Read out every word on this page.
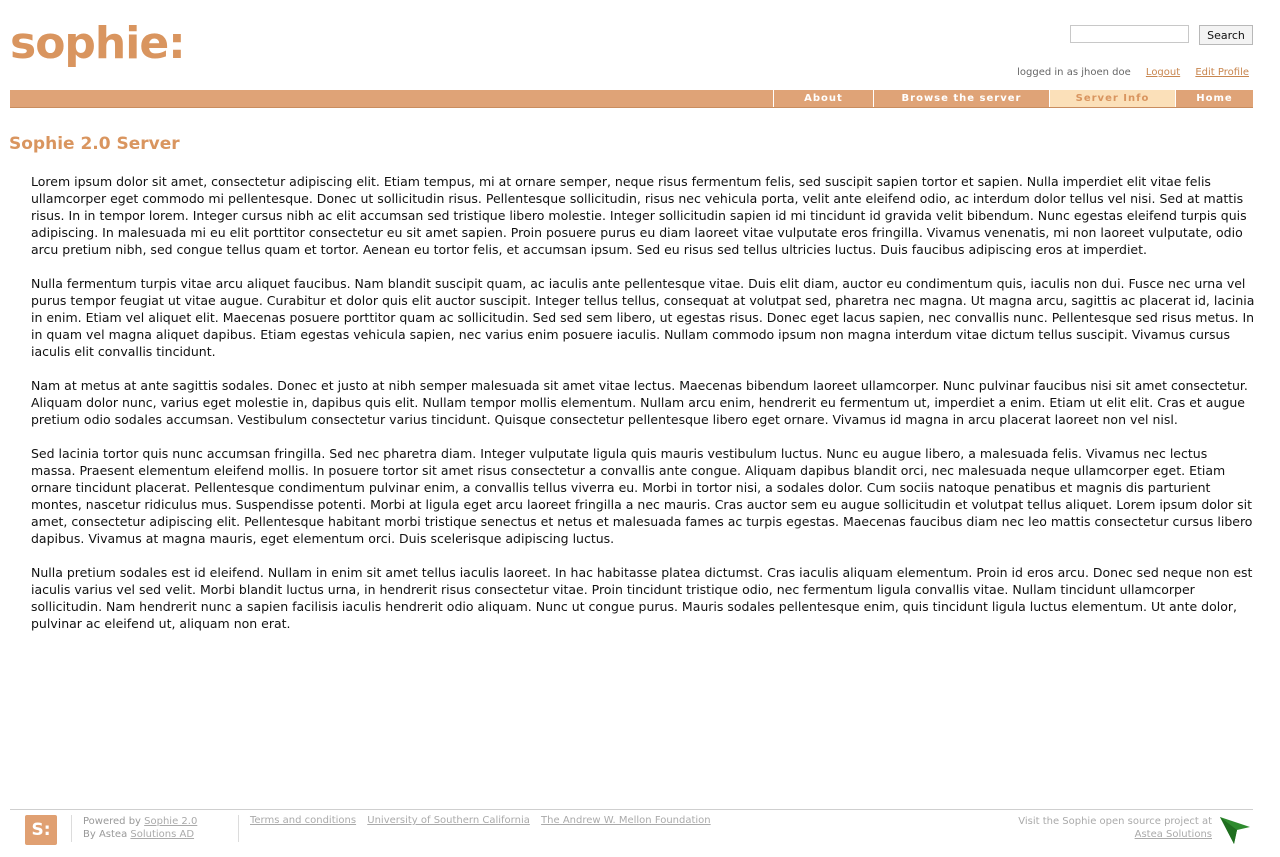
sophie:	Search
logged in as jhoen doe Logout Edit Profile
About	Browse the server	Server Info	Home
Sophie 2.0 Server

Lorem ipsum dolor sit amet, consectetur adipiscing elit. Etiam tempus, mi at ornare semper, neque risus fermentum felis, sed suscipit sapien tortor et sapien. Nulla imperdiet elit vitae felis ullamcorper eget commodo mi pellentesque. Donec ut sollicitudin risus. Pellentesque sollicitudin, risus nec vehicula porta, velit ante eleifend odio, ac interdum dolor tellus vel nisi. Sed at mattis risus. In in tempor lorem. Integer cursus nibh ac elit accumsan sed tristique libero molestie. Integer sollicitudin sapien id mi tincidunt id gravida velit bibendum. Nunc egestas eleifend turpis quis adipiscing. In malesuada mi eu elit porttitor consectetur eu sit amet sapien. Proin posuere purus eu diam laoreet vitae vulputate eros fringilla. Vivamus venenatis, mi non laoreet vulputate, odio arcu pretium nibh, sed congue tellus quam et tortor. Aenean eu tortor felis, et accumsan ipsum. Sed eu risus sed tellus ultricies luctus. Duis faucibus adipiscing eros at imperdiet.

Nulla fermentum turpis vitae arcu aliquet faucibus. Nam blandit suscipit quam, ac iaculis ante pellentesque vitae. Duis elit diam, auctor eu condimentum quis, iaculis non dui. Fusce nec urna vel purus tempor feugiat ut vitae augue. Curabitur et dolor quis elit auctor suscipit. Integer tellus tellus, consequat at volutpat sed, pharetra nec magna. Ut magna arcu, sagittis ac placerat id, lacinia in enim. Etiam vel aliquet elit. Maecenas posuere porttitor quam ac sollicitudin. Sed sed sem libero, ut egestas risus. Donec eget lacus sapien, nec convallis nunc. Pellentesque sed risus metus. In in quam vel magna aliquet dapibus. Etiam egestas vehicula sapien, nec varius enim posuere iaculis. Nullam commodo ipsum non magna interdum vitae dictum tellus suscipit. Vivamus cursus iaculis elit convallis tincidunt.

Nam at metus at ante sagittis sodales. Donec et justo at nibh semper malesuada sit amet vitae lectus. Maecenas bibendum laoreet ullamcorper. Nunc pulvinar faucibus nisi sit amet consectetur. Aliquam dolor nunc, varius eget molestie in, dapibus quis elit. Nullam tempor mollis elementum. Nullam arcu enim, hendrerit eu fermentum ut, imperdiet a enim. Etiam ut elit elit. Cras et augue pretium odio sodales accumsan. Vestibulum consectetur varius tincidunt. Quisque consectetur pellentesque libero eget ornare. Vivamus id magna in arcu placerat laoreet non vel nisl.

Sed lacinia tortor quis nunc accumsan fringilla. Sed nec pharetra diam. Integer vulputate ligula quis mauris vestibulum luctus. Nunc eu augue libero, a malesuada felis. Vivamus nec lectus massa. Praesent elementum eleifend mollis. In posuere tortor sit amet risus consectetur a convallis ante congue. Aliquam dapibus blandit orci, nec malesuada neque ullamcorper eget. Etiam ornare tincidunt placerat. Pellentesque condimentum pulvinar enim, a convallis tellus viverra eu. Morbi in tortor nisi, a sodales dolor. Cum sociis natoque penatibus et magnis dis parturient montes, nascetur ridiculus mus. Suspendisse potenti. Morbi at ligula eget arcu laoreet fringilla a nec mauris. Cras auctor sem eu augue sollicitudin et volutpat tellus aliquet. Lorem ipsum dolor sit amet, consectetur adipiscing elit. Pellentesque habitant morbi tristique senectus et netus et malesuada fames ac turpis egestas. Maecenas faucibus diam nec leo mattis consectetur cursus libero dapibus. Vivamus at magna mauris, eget elementum orci. Duis scelerisque adipiscing luctus.

Nulla pretium sodales est id eleifend. Nullam in enim sit amet tellus iaculis laoreet. In hac habitasse platea dictumst. Cras iaculis aliquam elementum. Proin id eros arcu. Donec sed neque non est iaculis varius vel sed velit. Morbi blandit luctus urna, in hendrerit risus consectetur vitae. Proin tincidunt tristique odio, nec fermentum ligula convallis vitae. Nullam tincidunt ullamcorper sollicitudin. Nam hendrerit nunc a sapien facilisis iaculis hendrerit odio aliquam. Nunc ut congue purus. Mauris sodales pellentesque enim, quis tincidunt ligula luctus elementum. Ut ante dolor, pulvinar ac eleifend ut, aliquam non erat.

S:	Powered by Sophie 2.0
By Astea Solutions AD
Terms and conditions University of Southern California The Andrew W. Mellon Foundation	Visit the Sophie open source project at
Astea Solutions
